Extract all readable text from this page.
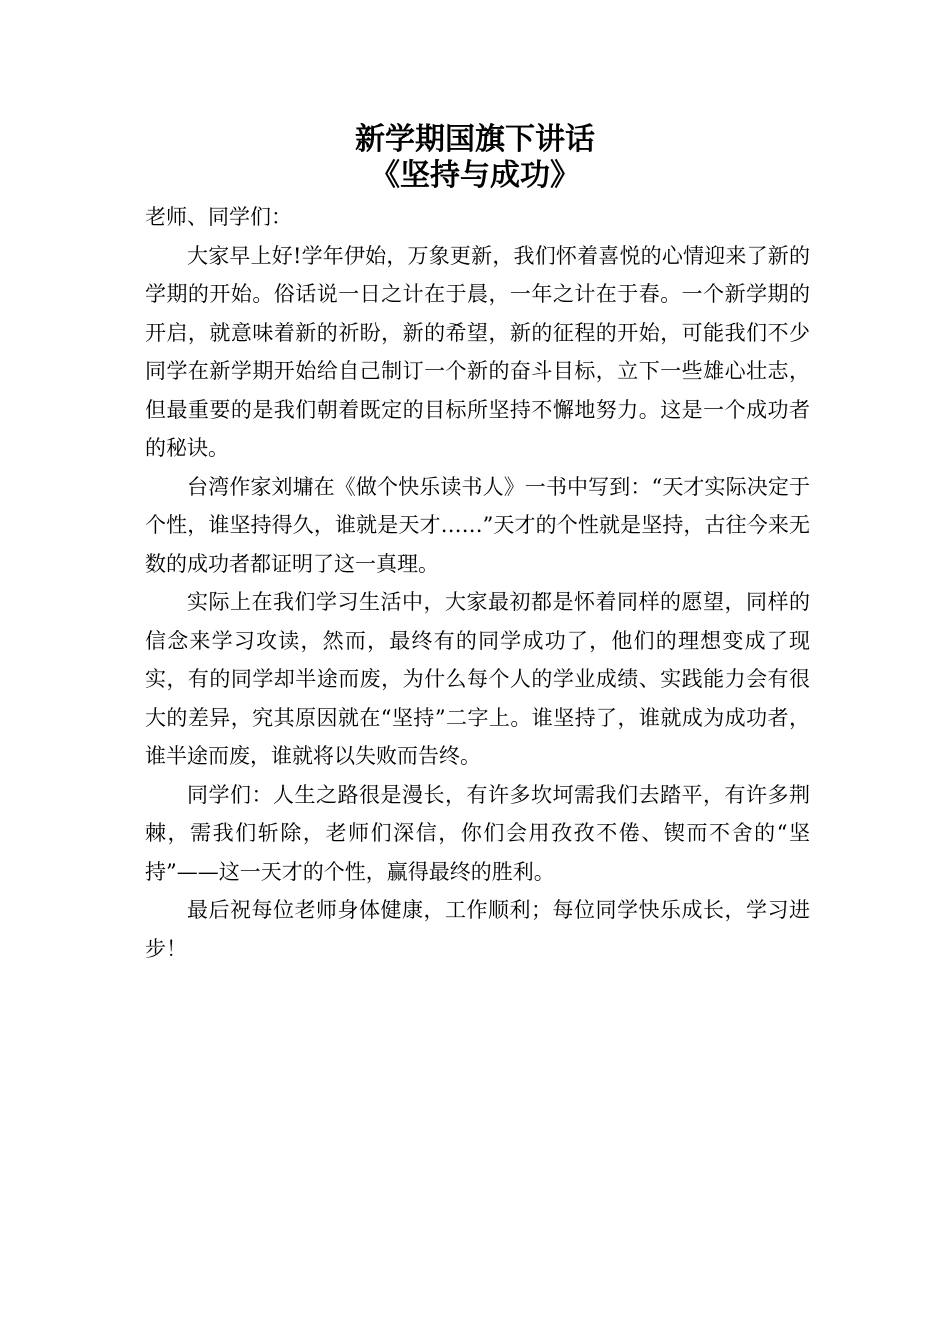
新学期国旗下讲话
《坚持与成功》

老师、同学们：

大家早上好!学年伊始，万象更新，我们怀着喜悦的心情迎来了新的学期的开始。俗话说一日之计在于晨，一年之计在于春。一个新学期的开启，就意味着新的祈盼，新的希望，新的征程的开始，可能我们不少同学在新学期开始给自己制订一个新的奋斗目标，立下一些雄心壮志，但最重要的是我们朝着既定的目标所坚持不懈地努力。这是一个成功者的秘诀。

台湾作家刘墉在《做个快乐读书人》一书中写到：“天才实际决定于个性，谁坚持得久，谁就是天才……”天才的个性就是坚持，古往今来无数的成功者都证明了这一真理。

实际上在我们学习生活中，大家最初都是怀着同样的愿望，同样的信念来学习攻读，然而，最终有的同学成功了，他们的理想变成了现实，有的同学却半途而废，为什么每个人的学业成绩、实践能力会有很大的差异，究其原因就在“坚持”二字上。谁坚持了，谁就成为成功者，谁半途而废，谁就将以失败而告终。

同学们：人生之路很是漫长，有许多坎坷需我们去踏平，有许多荆棘，需我们斩除，老师们深信，你们会用孜孜不倦、锲而不舍的“坚持”——这一天才的个性，赢得最终的胜利。

最后祝每位老师身体健康，工作顺利；每位同学快乐成长，学习进步！
